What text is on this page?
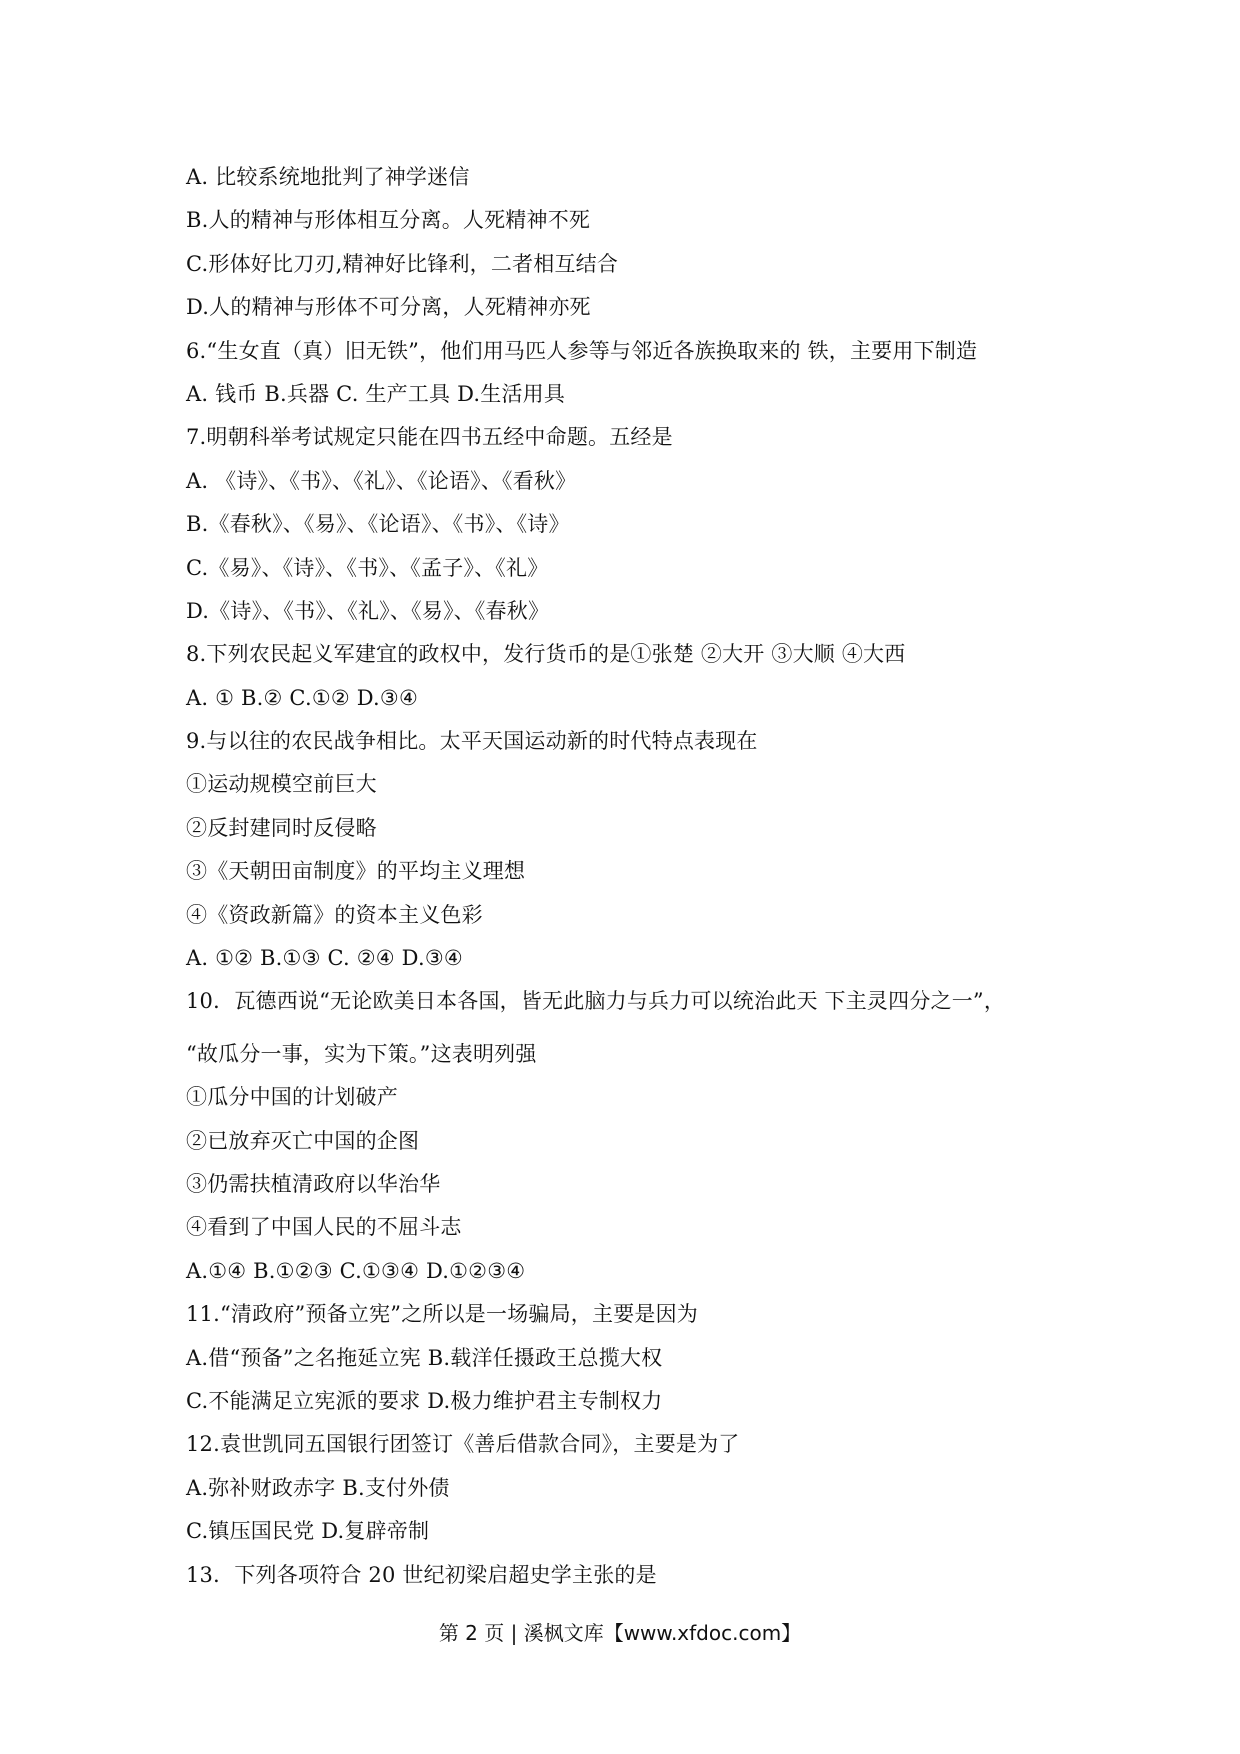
A. 比较系统地批判了神学迷信
B.人的精神与形体相互分离。人死精神不死
C.形体好比刀刃,精神好比锋利，二者相互结合
D.人的精神与形体不可分离，人死精神亦死
6.“生女直（真）旧无铁”，他们用马匹人参等与邻近各族换取来的 铁，主要用下制造
A. 钱币 B.兵器 C. 生产工具 D.生活用具
7.明朝科举考试规定只能在四书五经中命题。五经是
A. 《诗》、《书》、《礼》、《论语》、《看秋》
B.《春秋》、《易》、《论语》、《书》、《诗》
C.《易》、《诗》、《书》、《孟子》、《礼》
D.《诗》、《书》、《礼》、《易》、《春秋》
8.下列农民起义军建宜的政权中，发行货币的是①张楚 ②大开 ③大顺 ④大西
A. ① B.② C.①② D.③④
9.与以往的农民战争相比。太平天国运动新的时代特点表现在
①运动规模空前巨大
②反封建同时反侵略
③《天朝田亩制度》的平均主义理想
④《资政新篇》的资本主义色彩
A. ①② B.①③ C. ②④ D.③④
10．瓦德西说“无论欧美日本各国，皆无此脑力与兵力可以统治此天 下主灵四分之一”，
“故瓜分一事，实为下策。”这表明列强
①瓜分中国的计划破产
②已放弃灭亡中国的企图
③仍需扶植清政府以华治华
④看到了中国人民的不屈斗志
A.①④ B.①②③ C.①③④ D.①②③④
11.“清政府”预备立宪”之所以是一场骗局，主要是因为
A.借“预备”之名拖延立宪 B.载洋任摄政王总揽大权
C.不能满足立宪派的要求 D.极力维护君主专制权力
12.袁世凯同五国银行团签订《善后借款合同》，主要是为了
A.弥补财政赤字 B.支付外债
C.镇压国民党 D.复辟帝制
13．下列各项符合 20 世纪初梁启超史学主张的是
第 2 页 | 溪枫文库【www.xfdoc.com】
